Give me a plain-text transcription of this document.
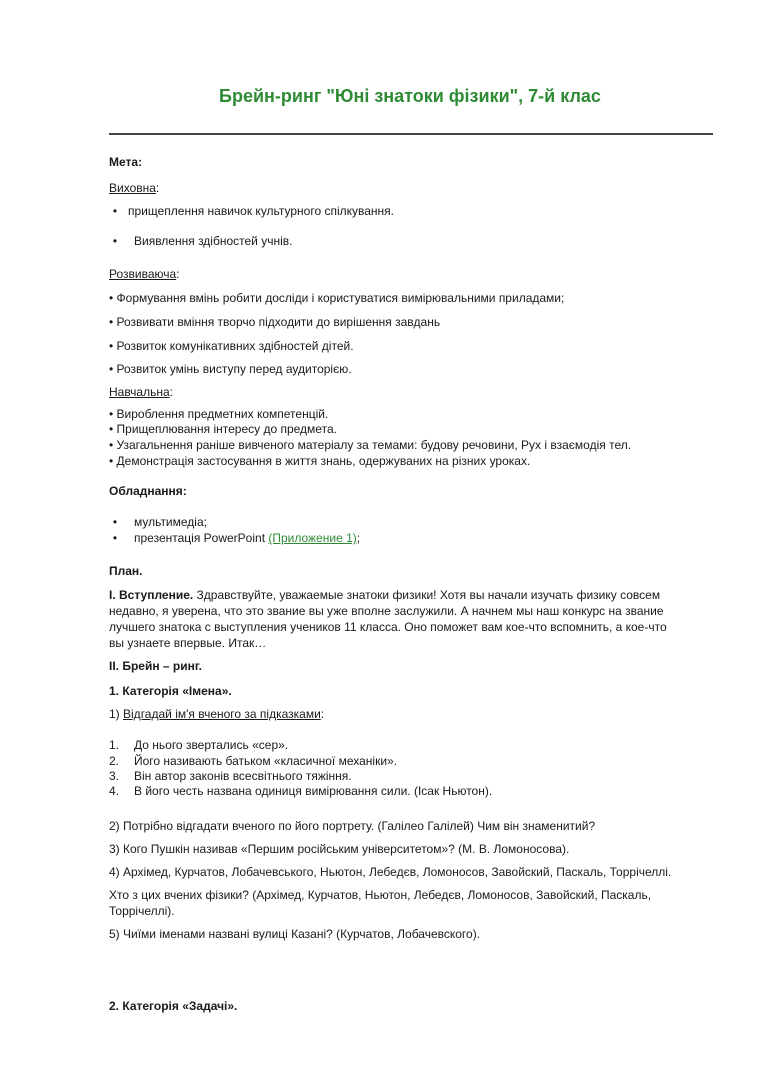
Брейн-ринг "Юні знатоки фізики", 7-й клас
Мета:
Виховна:
• прищеплення навичок культурного спілкування.
• Виявлення здібностей учнів.
Розвиваюча:
• Формування вмінь робити досліди і користуватися вимірювальними приладами;
• Розвивати вміння творчо підходити до вирішення завдань
• Розвиток комунікативних здібностей дітей.
• Розвиток умінь виступу перед аудиторією.
Навчальна:
• Вироблення предметних компетенцій.
• Прищеплювання інтересу до предмета.
• Узагальнення раніше вивченого матеріалу за темами: будову речовини, Рух і взаємодія тел.
• Демонстрація застосування в життя знань, одержуваних на різних уроках.
Обладнання:
• мультимедіа;
• презентація PowerPoint (Приложение 1);
План.
I. Вступление. Здравствуйте, уважаемые знатоки физики! Хотя вы начали изучать физику совсем
недавно, я уверена, что это звание вы уже вполне заслужили. А начнем мы наш конкурс на звание
лучшего знатока с выступления учеников 11 класса. Оно поможет вам кое-что вспомнить, а кое-что
вы узнаете впервые. Итак…
II. Брейн – ринг.
1. Категорія «Імена».
1) Відгадай ім'я вченого за підказками:
1. До нього звертались «сер».
2. Його називають батьком «класичної механіки».
3. Він автор законів всесвітнього тяжіння.
4. В його честь названа одиниця вимірювання сили. (Ісак Ньютон).
2) Потрібно відгадати вченого по його портрету. (Галілео Галілей) Чим він знаменитий?
3) Кого Пушкін називав «Першим російським університетом»? (М. В. Ломоносова).
4) Архімед, Курчатов, Лобачевського, Ньютон, Лебедєв, Ломоносов, Завойский, Паскаль, Торрічеллі.
Хто з цих вчених фізики? (Архімед, Курчатов, Ньютон, Лебедєв, Ломоносов, Завойский, Паскаль,
Торрічеллі).
5) Чиїми іменами названі вулиці Казані? (Курчатов, Лобачевского).
2. Категорія «Задачі».
